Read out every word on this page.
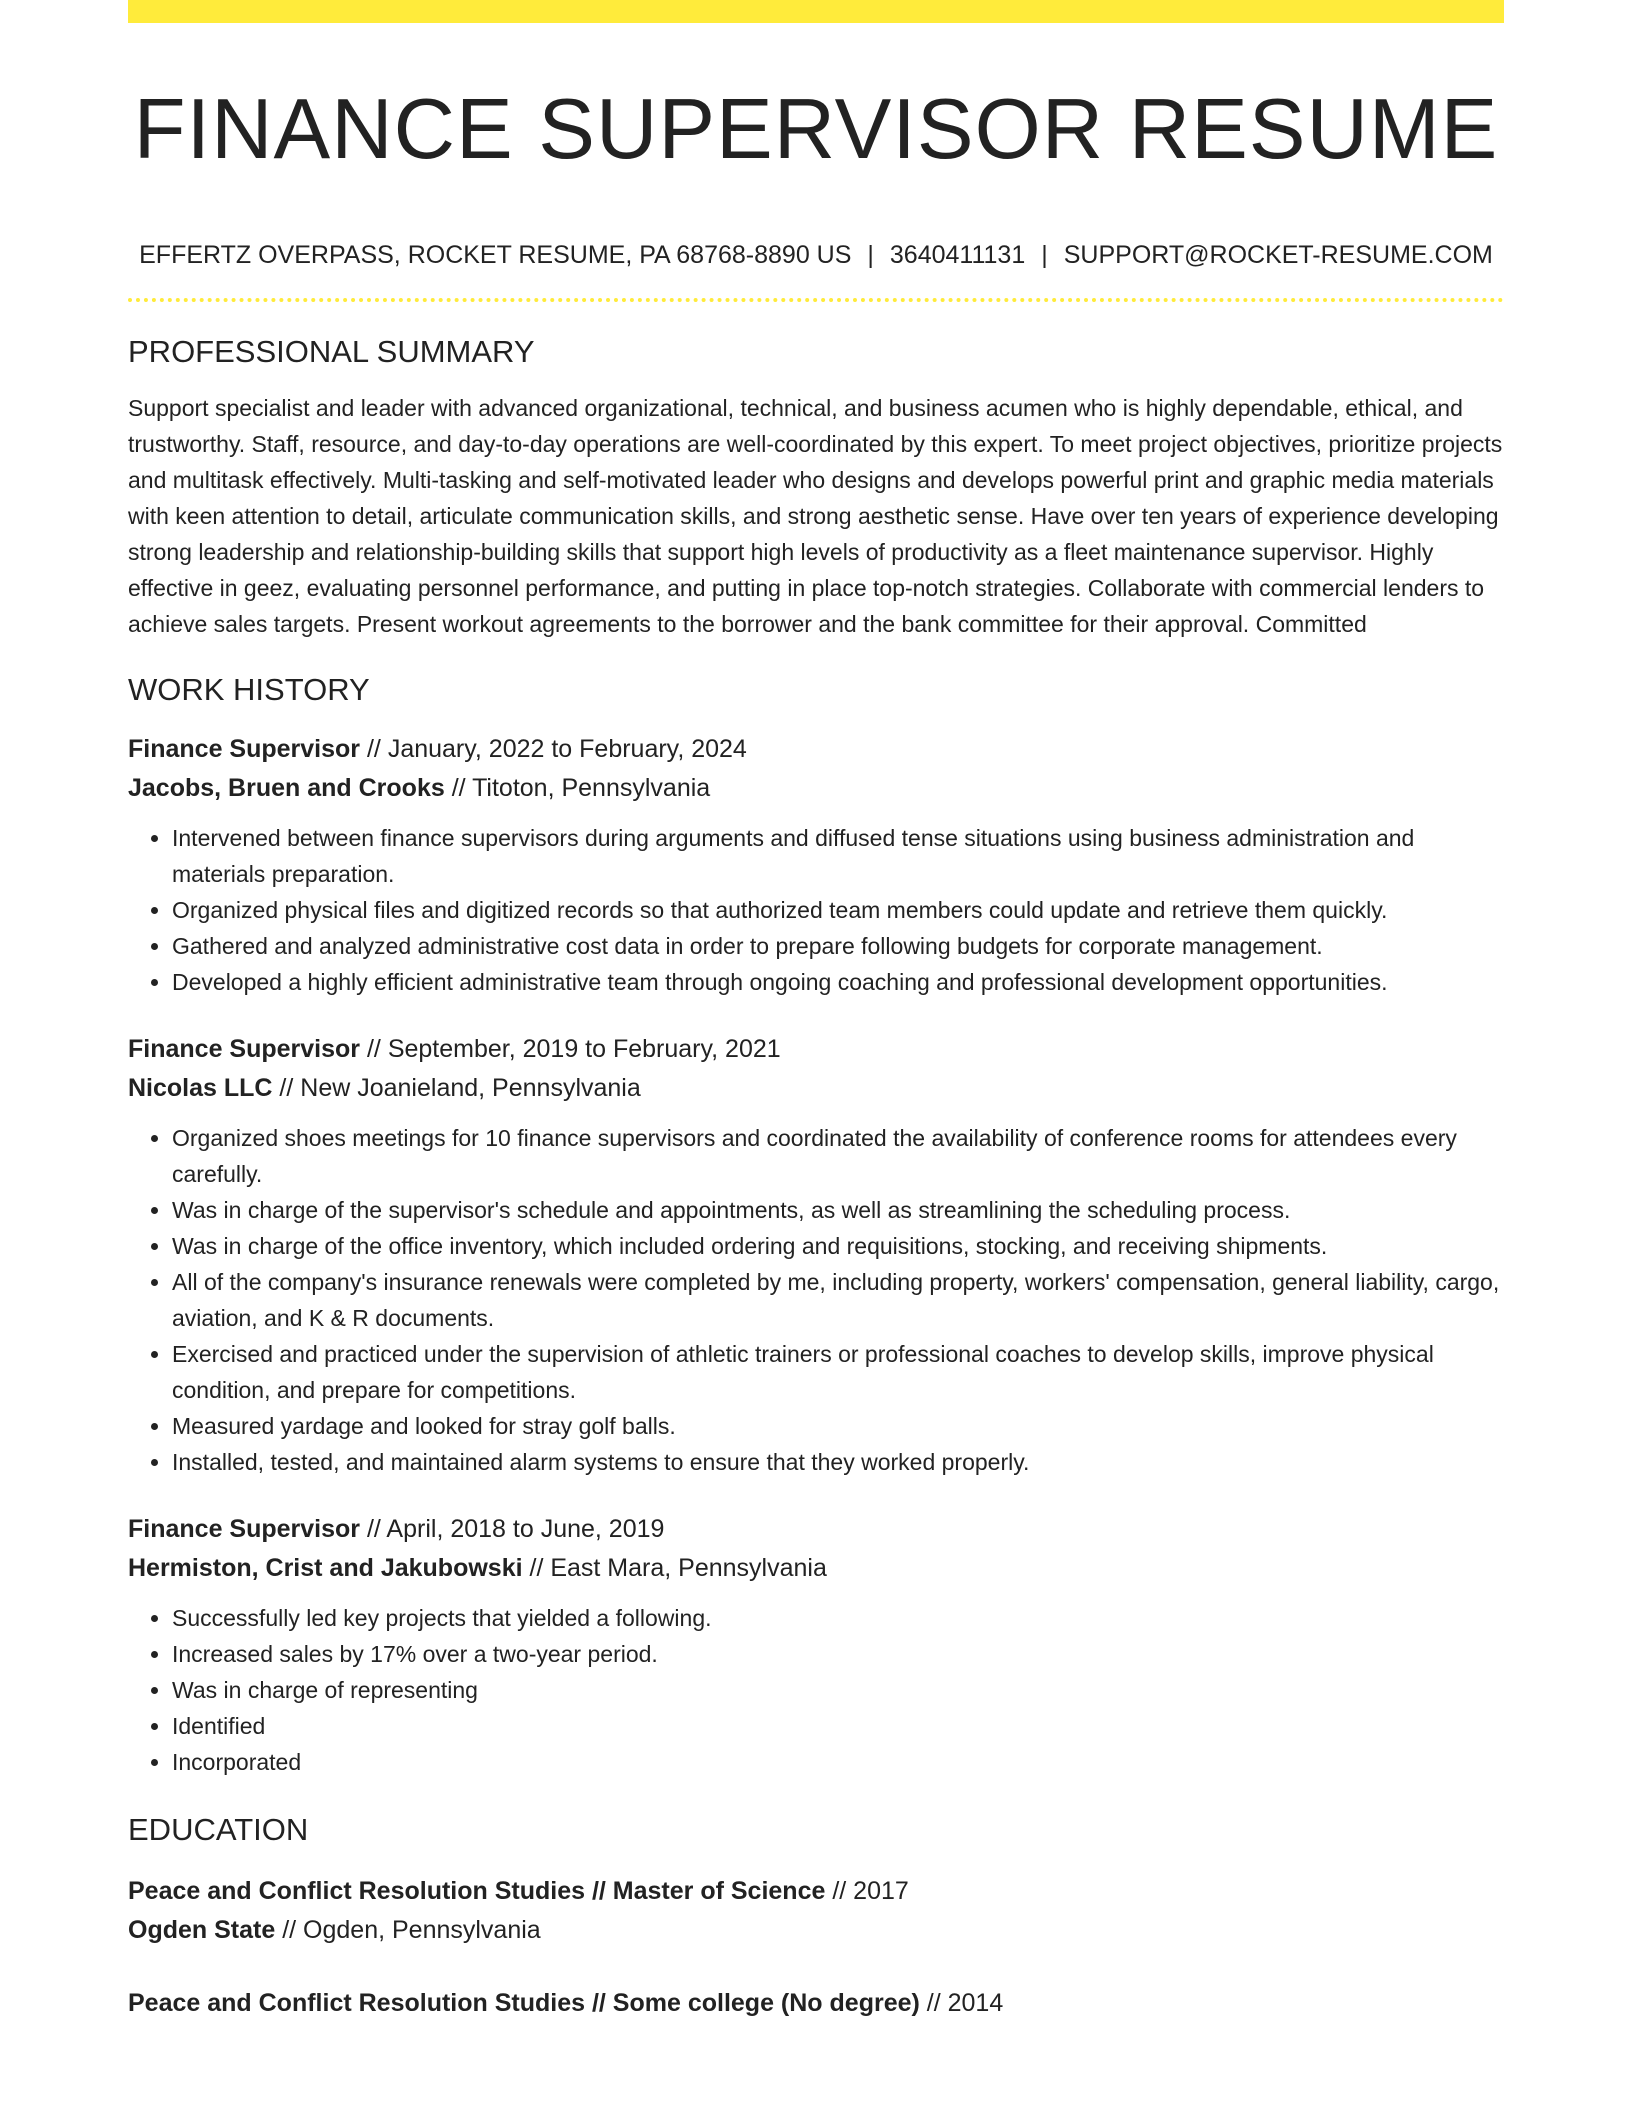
FINANCE SUPERVISOR RESUME
EFFERTZ OVERPASS, ROCKET RESUME, PA 68768-8890 US | 3640411131 | SUPPORT@ROCKET-RESUME.COM
PROFESSIONAL SUMMARY

Support specialist and leader with advanced organizational, technical, and business acumen who is highly dependable, ethical, and trustworthy. Staff, resource, and day-to-day operations are well-coordinated by this expert. To meet project objectives, prioritize projects and multitask effectively. Multi-tasking and self-motivated leader who designs and develops powerful print and graphic media materials with keen attention to detail, articulate communication skills, and strong aesthetic sense. Have over ten years of experience developing strong leadership and relationship-building skills that support high levels of productivity as a fleet maintenance supervisor. Highly effective in geez, evaluating personnel performance, and putting in place top-notch strategies. Collaborate with commercial lenders to achieve sales targets. Present workout agreements to the borrower and the bank committee for their approval. Committed

WORK HISTORY
Finance Supervisor // January, 2022 to February, 2024
Jacobs, Bruen and Crooks // Titoton, Pennsylvania
• Intervened between finance supervisors during arguments and diffused tense situations using business administration and materials preparation.
• Organized physical files and digitized records so that authorized team members could update and retrieve them quickly.
• Gathered and analyzed administrative cost data in order to prepare following budgets for corporate management.
• Developed a highly efficient administrative team through ongoing coaching and professional development opportunities.
Finance Supervisor // September, 2019 to February, 2021
Nicolas LLC // New Joanieland, Pennsylvania
• Organized shoes meetings for 10 finance supervisors and coordinated the availability of conference rooms for attendees every carefully.
• Was in charge of the supervisor's schedule and appointments, as well as streamlining the scheduling process.
• Was in charge of the office inventory, which included ordering and requisitions, stocking, and receiving shipments.
• All of the company's insurance renewals were completed by me, including property, workers' compensation, general liability, cargo, aviation, and K & R documents.
• Exercised and practiced under the supervision of athletic trainers or professional coaches to develop skills, improve physical condition, and prepare for competitions.
• Measured yardage and looked for stray golf balls.
• Installed, tested, and maintained alarm systems to ensure that they worked properly.
Finance Supervisor // April, 2018 to June, 2019
Hermiston, Crist and Jakubowski // East Mara, Pennsylvania
• Successfully led key projects that yielded a following.
• Increased sales by 17% over a two-year period.
• Was in charge of representing
• Identified
• Incorporated
EDUCATION
Peace and Conflict Resolution Studies // Master of Science // 2017
Ogden State // Ogden, Pennsylvania
Peace and Conflict Resolution Studies // Some college (No degree) // 2014
